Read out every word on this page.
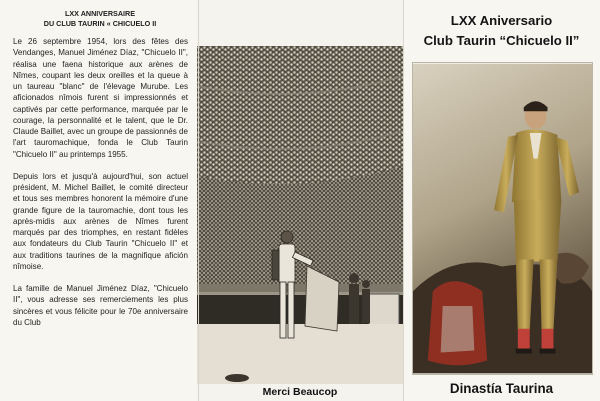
LXX ANNIVERSAIRE
DU CLUB TAURIN « CHICUELO II

Le 26 septembre 1954, lors des fêtes des Vendanges, Manuel Jiménez Díaz, "Chicuelo II", réalisa une faena historique aux arènes de Nîmes, coupant les deux oreilles et la queue à un taureau "blanc" de l'élevage Murube. Les aficionados nîmois furent si impressionnés et captivés par cette performance, marquée par le courage, la personnalité et le talent, que le Dr. Claude Baillet, avec un groupe de passionnés de l'art tauromachique, fonda le Club Taurin "Chicuelo II" au printemps 1955.

Depuis lors et jusqu'à aujourd'hui, son actuel président, M. Michel Baillet, le comité directeur et tous ses membres honorent la mémoire d'une grande figure de la tauromachie, dont tous les après-midis aux arènes de Nîmes furent marqués par des triomphes, en restant fidèles aux fondateurs du Club Taurin "Chicuelo II" et aux traditions taurines de la magnifique afición nîmoise.

La famille de Manuel Jiménez Díaz, "Chicuelo II", vous adresse ses remerciements les plus sincères et vous félicite pour le 70e anniversaire du Club

Merci Beaucop
LXX Aniversario
Club Taurin “Chicuelo II”
Dinastía Taurina
